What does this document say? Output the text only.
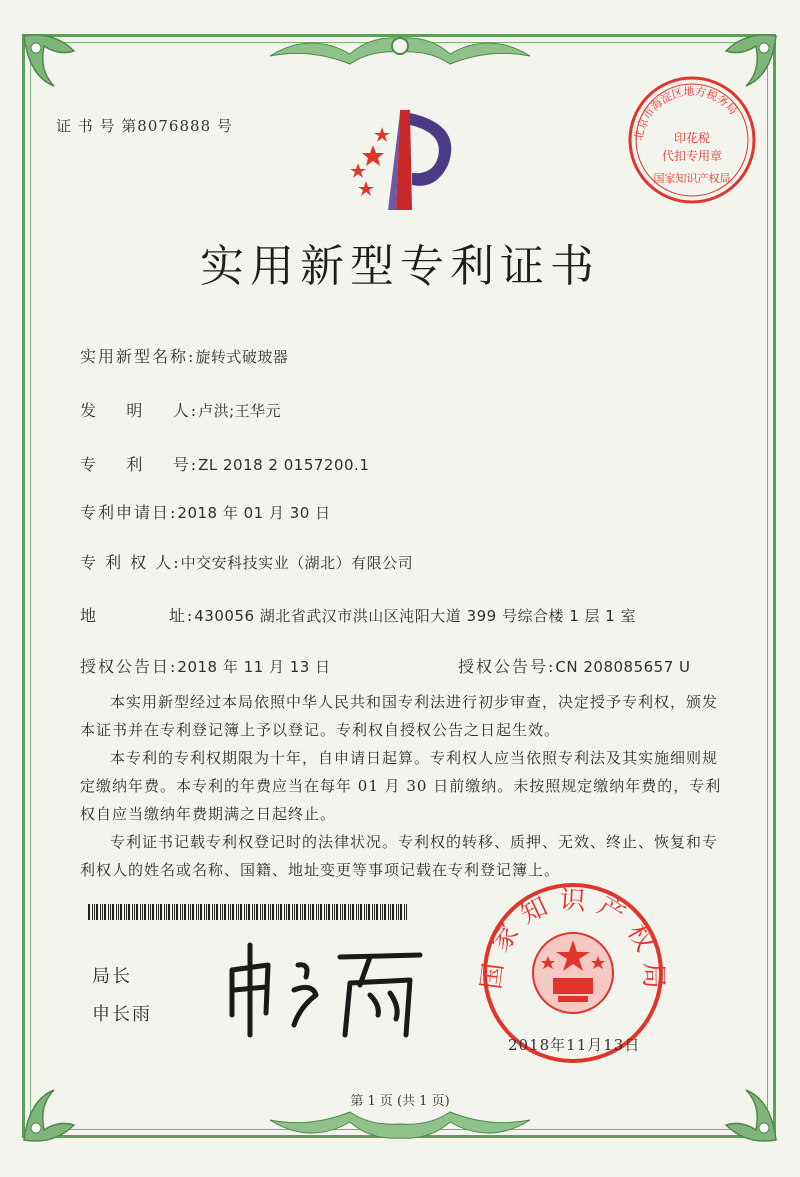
证 书 号 第8076888 号	北京市海淀区地方税务局
印花税
代扣专用章
国家知识产权局
实用新型专利证书
实用新型名称:旋转式破玻器
发    明    人:卢洪;王华元
专    利    号:ZL 2018 2 0157200.1
专利申请日:2018 年 01 月 30 日
专 利 权 人:中交安科技实业（湖北）有限公司
地          址:430056 湖北省武汉市洪山区沌阳大道 399 号综合楼 1 层 1 室
授权公告日:2018 年 11 月 13 日	授权公告号:CN 208085657 U
本实用新型经过本局依照中华人民共和国专利法进行初步审查，决定授予专利权，颁发本证书并在专利登记簿上予以登记。专利权自授权公告之日起生效。
本专利的专利权期限为十年，自申请日起算。专利权人应当依照专利法及其实施细则规定缴纳年费。本专利的年费应当在每年 01 月 30 日前缴纳。未按照规定缴纳年费的，专利权自应当缴纳年费期满之日起终止。
专利证书记载专利权登记时的法律状况。专利权的转移、质押、无效、终止、恢复和专利权人的姓名或名称、国籍、地址变更等事项记载在专利登记簿上。
局长
申长雨
国家知识产权局
2018年11月13日
第 1 页 (共 1 页)
